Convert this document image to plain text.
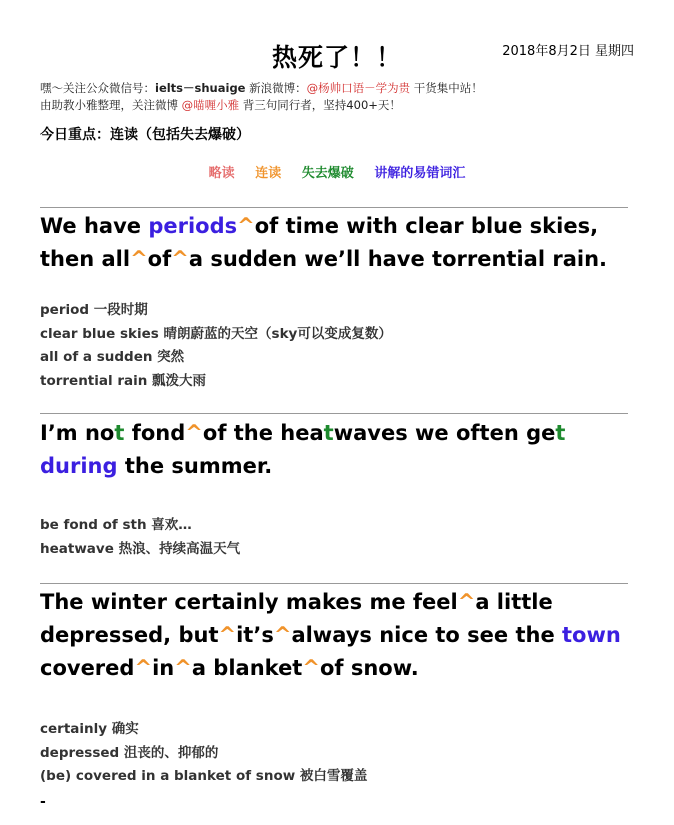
热死了！！	2018年8月2日 星期四
嘿～关注公众微信号：ielts－shuaige 新浪微博：@杨帅口语－学为贵 干货集中站！
由助教小雅整理，关注微博 @喵喱小雅 背三句同行者，坚持400+天！
今日重点：连读（包括失去爆破）
略读 连读 失去爆破 讲解的易错词汇
We have periods^of time with clear blue skies, then all^of^a sudden we’ll have torrential rain.
period 一段时期
clear blue skies 晴朗蔚蓝的天空（sky可以变成复数）
all of a sudden 突然
torrential rain 瓢泼大雨
I’m not fond^of the heatwaves we often get during the summer.
be fond of sth 喜欢…
heatwave 热浪、持续高温天气
The winter certainly makes me feel^a little depressed, but^it’s^always nice to see the town covered^in^a blanket^of snow.
certainly 确实
depressed 沮丧的、抑郁的
(be) covered in a blanket of snow 被白雪覆盖
-
